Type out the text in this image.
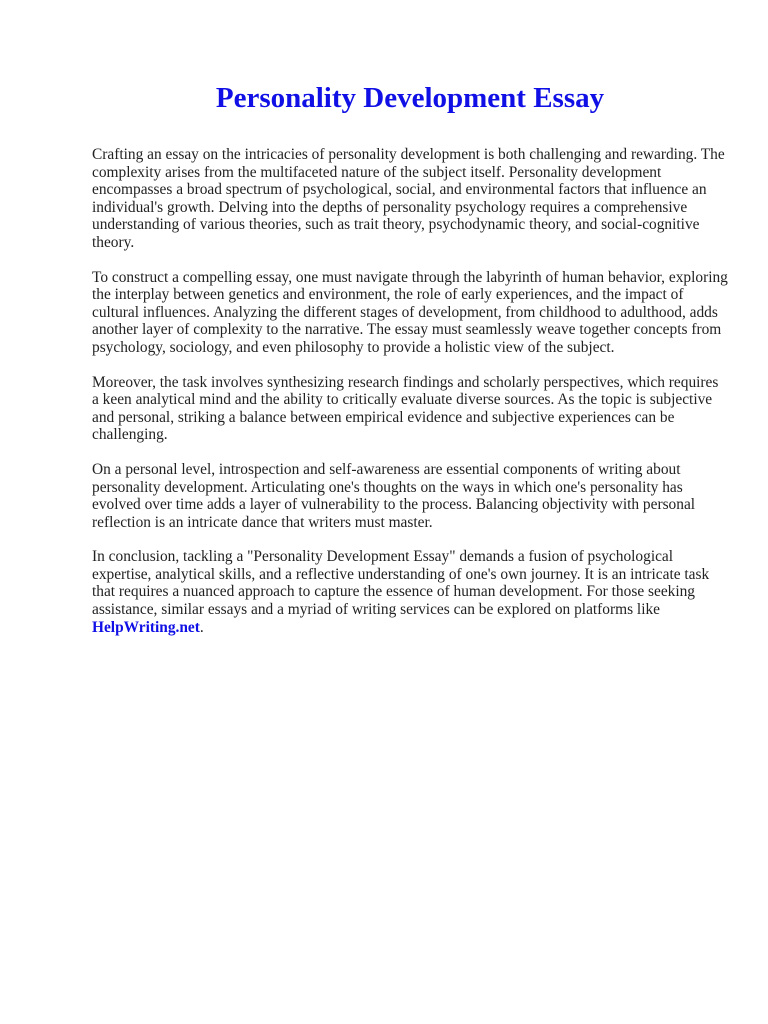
Personality Development Essay

Crafting an essay on the intricacies of personality development is both challenging and rewarding. The complexity arises from the multifaceted nature of the subject itself. Personality development encompasses a broad spectrum of psychological, social, and environmental factors that influence an individual's growth. Delving into the depths of personality psychology requires a comprehensive understanding of various theories, such as trait theory, psychodynamic theory, and social-cognitive theory.

To construct a compelling essay, one must navigate through the labyrinth of human behavior, exploring the interplay between genetics and environment, the role of early experiences, and the impact of cultural influences. Analyzing the different stages of development, from childhood to adulthood, adds another layer of complexity to the narrative. The essay must seamlessly weave together concepts from psychology, sociology, and even philosophy to provide a holistic view of the subject.

Moreover, the task involves synthesizing research findings and scholarly perspectives, which requires a keen analytical mind and the ability to critically evaluate diverse sources. As the topic is subjective and personal, striking a balance between empirical evidence and subjective experiences can be challenging.

On a personal level, introspection and self-awareness are essential components of writing about personality development. Articulating one's thoughts on the ways in which one's personality has evolved over time adds a layer of vulnerability to the process. Balancing objectivity with personal reflection is an intricate dance that writers must master.

In conclusion, tackling a "Personality Development Essay" demands a fusion of psychological expertise, analytical skills, and a reflective understanding of one's own journey. It is an intricate task that requires a nuanced approach to capture the essence of human development. For those seeking assistance, similar essays and a myriad of writing services can be explored on platforms like HelpWriting.net.
